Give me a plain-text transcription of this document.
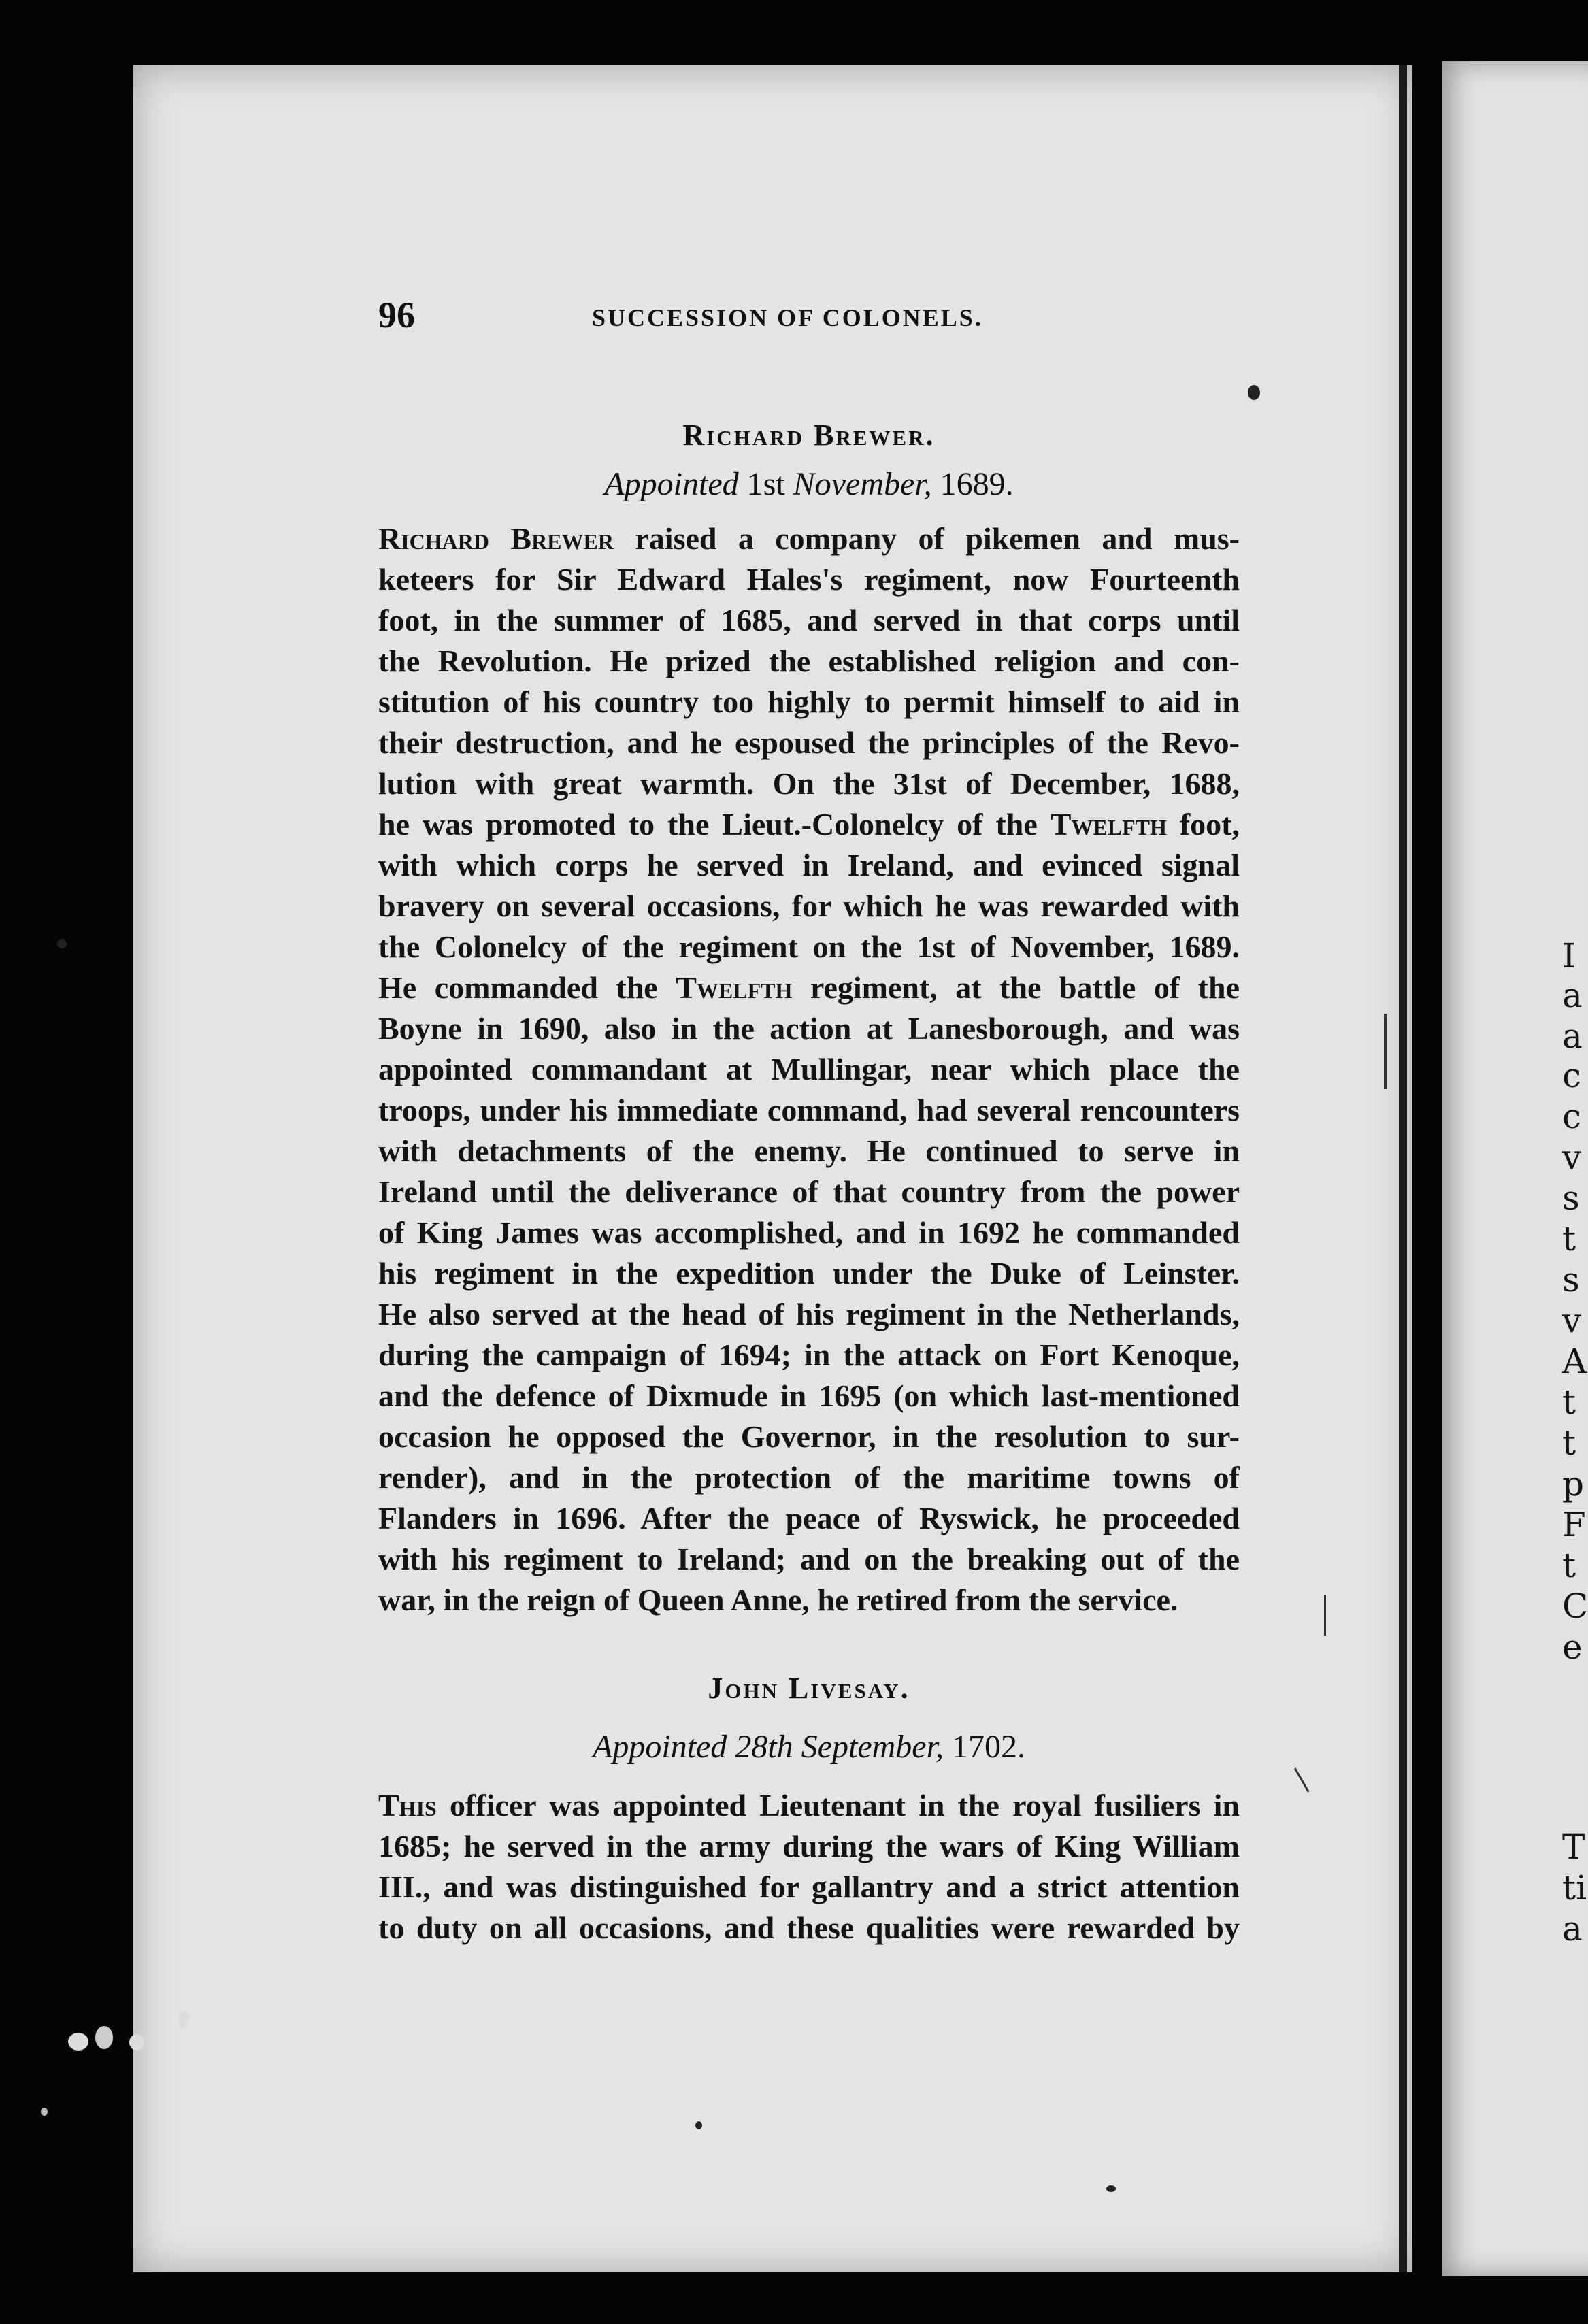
I
a
a
c
c
v
s
t
s
v
A
t
t
p
F
t
C
e
T
ti
a
96	SUCCESSION OF COLONELS.
Richard Brewer.
Appointed 1st November, 1689.
Richard Brewer raised a company of pikemen and mus-
keteers for Sir Edward Hales's regiment, now Fourteenth
foot, in the summer of 1685, and served in that corps until
the Revolution. He prized the established religion and con-
stitution of his country too highly to permit himself to aid in
their destruction, and he espoused the principles of the Revo-
lution with great warmth. On the 31st of December, 1688,
he was promoted to the Lieut.-Colonelcy of the Twelfth foot,
with which corps he served in Ireland, and evinced signal
bravery on several occasions, for which he was rewarded with
the Colonelcy of the regiment on the 1st of November, 1689.
He commanded the Twelfth regiment, at the battle of the
Boyne in 1690, also in the action at Lanesborough, and was
appointed commandant at Mullingar, near which place the
troops, under his immediate command, had several rencounters
with detachments of the enemy. He continued to serve in
Ireland until the deliverance of that country from the power
of King James was accomplished, and in 1692 he commanded
his regiment in the expedition under the Duke of Leinster.
He also served at the head of his regiment in the Netherlands,
during the campaign of 1694; in the attack on Fort Kenoque,
and the defence of Dixmude in 1695 (on which last-mentioned
occasion he opposed the Governor, in the resolution to sur-
render), and in the protection of the maritime towns of
Flanders in 1696. After the peace of Ryswick, he proceeded
with his regiment to Ireland; and on the breaking out of the
war, in the reign of Queen Anne, he retired from the service.
John Livesay.
Appointed 28th September, 1702.
This officer was appointed Lieutenant in the royal fusiliers in
1685; he served in the army during the wars of King William
III., and was distinguished for gallantry and a strict attention
to duty on all occasions, and these qualities were rewarded by
